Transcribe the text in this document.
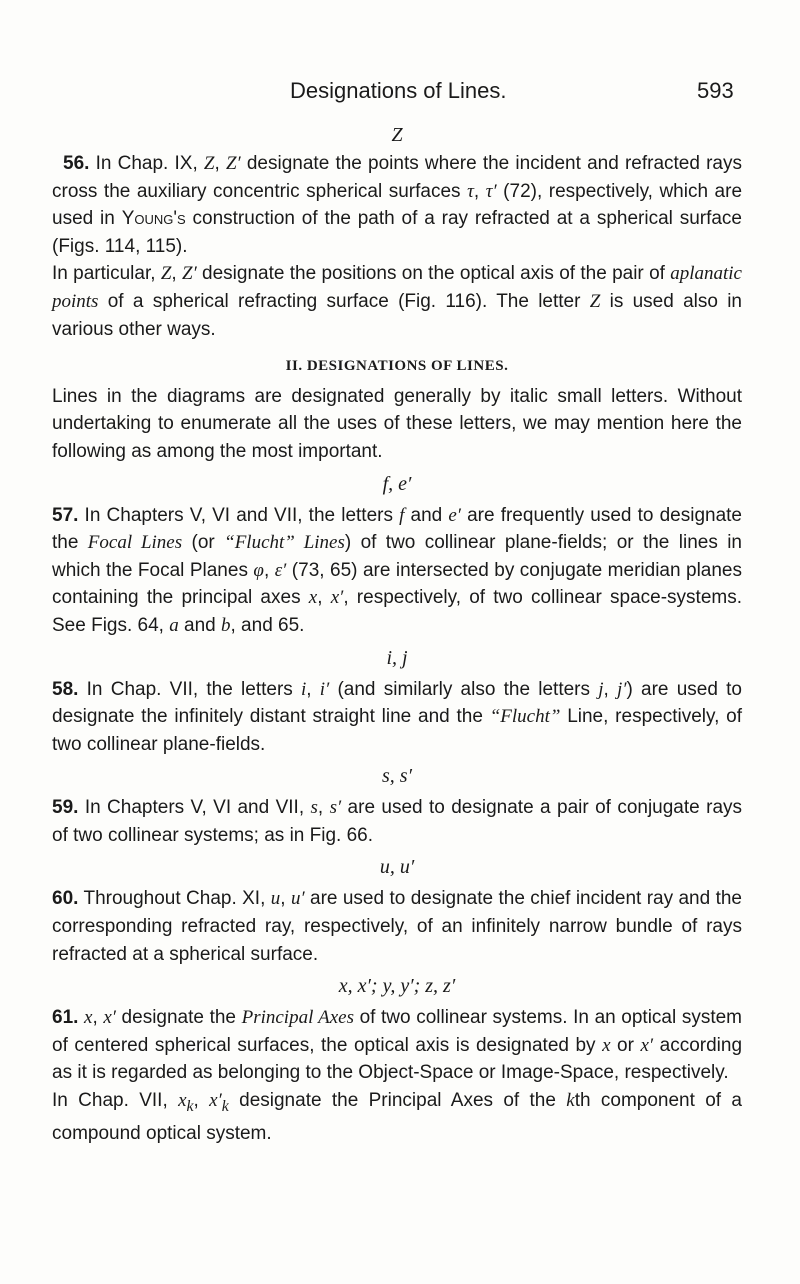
Designations of Lines.	593
Z

56. In Chap. IX, Z, Z′ designate the points where the incident and refracted rays cross the auxiliary concentric spherical surfaces τ, τ′ (72), respectively, which are used in Young's construction of the path of a ray refracted at a spherical surface (Figs. 114, 115).

In particular, Z, Z′ designate the positions on the optical axis of the pair of aplanatic points of a spherical refracting surface (Fig. 116). The letter Z is used also in various other ways.

II. DESIGNATIONS OF LINES.

Lines in the diagrams are designated generally by italic small letters. Without undertaking to enumerate all the uses of these letters, we may mention here the following as among the most important.

f, e′

57. In Chapters V, VI and VII, the letters f and e′ are frequently used to designate the Focal Lines (or “Flucht” Lines) of two collinear plane-fields; or the lines in which the Focal Planes φ, ε′ (73, 65) are intersected by conjugate meridian planes containing the principal axes x, x′, respectively, of two collinear space-systems. See Figs. 64, a and b, and 65.

i, j

58. In Chap. VII, the letters i, i′ (and similarly also the letters j, j′) are used to designate the infinitely distant straight line and the “Flucht” Line, respectively, of two collinear plane-fields.

s, s′

59. In Chapters V, VI and VII, s, s′ are used to designate a pair of conjugate rays of two collinear systems; as in Fig. 66.

u, u′

60. Throughout Chap. XI, u, u′ are used to designate the chief incident ray and the corresponding refracted ray, respectively, of an infinitely narrow bundle of rays refracted at a spherical surface.

x, x′; y, y′; z, z′

61. x, x′ designate the Principal Axes of two collinear systems. In an optical system of centered spherical surfaces, the optical axis is designated by x or x′ according as it is regarded as belonging to the Object-Space or Image-Space, respectively.

In Chap. VII, $x_k$, $x'_k$ designate the Principal Axes of the kth component of a compound optical system.
